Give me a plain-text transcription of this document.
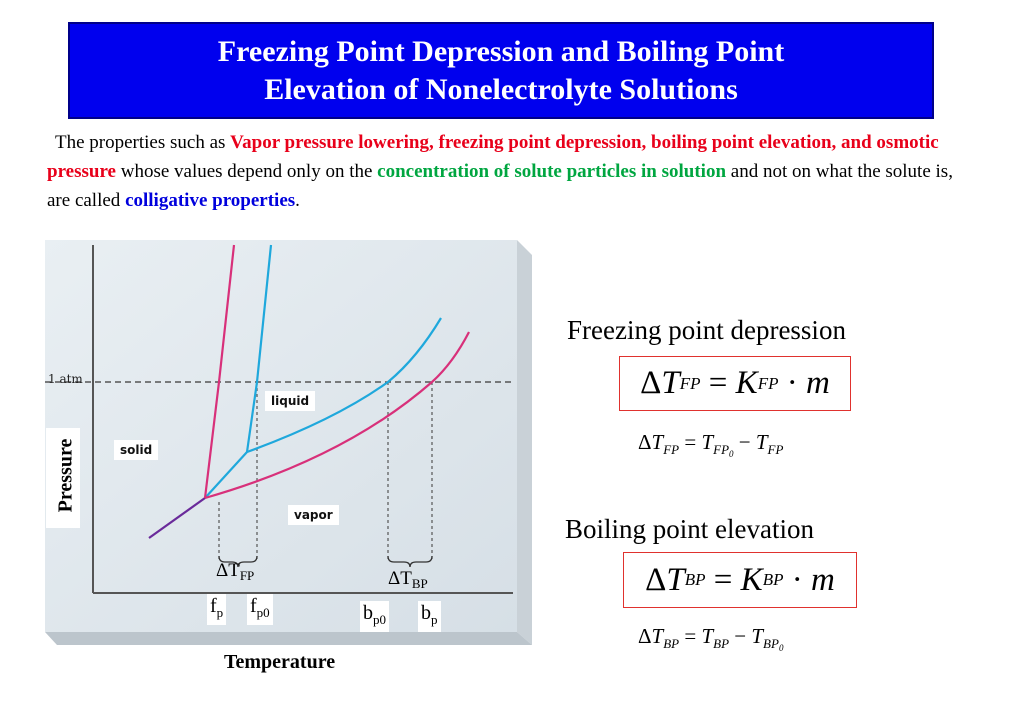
Freezing Point Depression and Boiling Point
Elevation of Nonelectrolyte Solutions
The properties such as Vapor pressure lowering, freezing point depression, boiling point elevation, and osmotic pressure whose values depend only on the concentration of solute particles in solution and not on what the solute is, are called colligative properties.
1 atm
solid
liquid
vapor
Pressure
$\Delta T_{FP}$	$\Delta T_{BP}$
$f_p$ $f_{p0}$	$b_{p0}$ $b_p$
Temperature
Freezing point depression
Δ T FP = K FP · m
$\Delta T_{FP} = T_{FP_0} - T_{FP}$
Boiling point elevation
Δ T BP = K BP · m
$\Delta T_{BP} = T_{BP} - T_{BP_0}$
